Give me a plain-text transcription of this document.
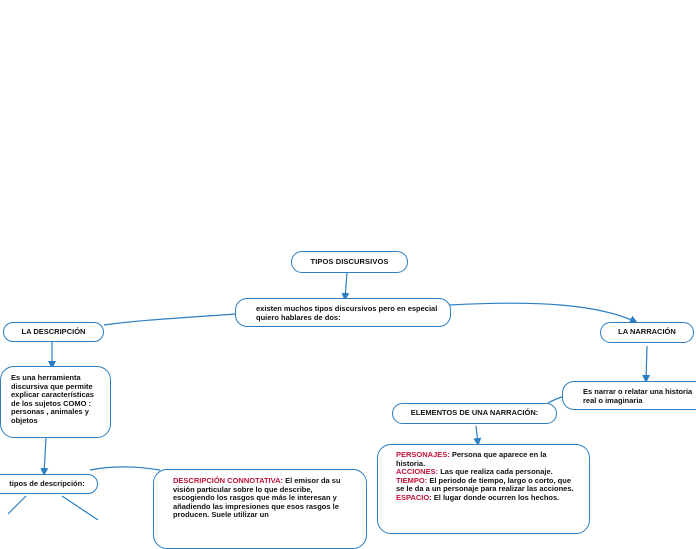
TIPOS DISCURSIVOS
existen muchos tipos discursivos pero en especial quiero hablares de dos:
LA DESCRIPCIÓN
Es una herramienta discursiva que permite explicar características de los sujetos COMO : personas , animales y objetos
tipos de descripción:	DESCRIPCIÓN CONNOTATIVA: El emisor da su visión particular sobre lo que describe, escogiendo los rasgos que más le interesan y añadiendo las impresiones que esos rasgos le producen. Suele utilizar un
LA NARRACIÓN
Es narrar o relatar una historia real o imaginaria
ELEMENTOS DE UNA NARRACIÓN:
PERSONAJES: Persona que aparece en la historia.
ACCIONES: Las que realiza cada personaje.
TIEMPO: El periodo de tiempo, largo o corto, que se le da a un personaje para realizar las acciones.
ESPACIO: El lugar donde ocurren los hechos.
